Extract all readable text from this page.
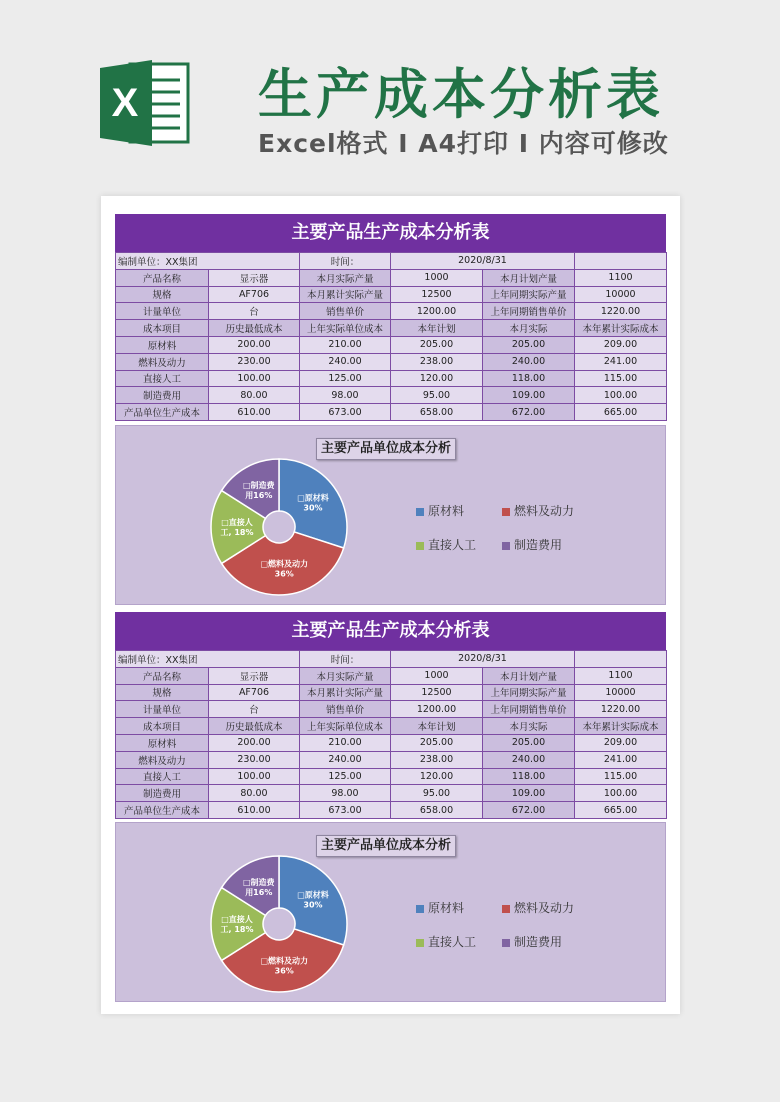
X 生产成本分析表
Excel格式 I A4打印 I 内容可修改
主要产品生产成本分析表
编制单位：XX集团		时间：	2020/8/31		
产品名称	显示器	本月实际产量	1000	本月计划产量	1100
规格	AF706	本月累计实际产量	12500	上年同期实际产量	10000
计量单位	台	销售单价	1200.00	上年同期销售单价	1220.00
成本项目	历史最低成本	上年实际单位成本	本年计划	本月实际	本年累计实际成本
原材料	200.00	210.00	205.00	205.00	209.00
燃料及动力	230.00	240.00	238.00	240.00	241.00
直接人工	100.00	125.00	120.00	118.00	115.00
制造费用	80.00	98.00	95.00	109.00	100.00
产品单位生产成本	610.00	673.00	658.00	672.00	665.00
主要产品单位成本分析
□原材料 30%
□燃料及动力 36%
□直接人工, 18%
□制造费用16%
原材料	燃料及动力
直接人工	制造费用
主要产品生产成本分析表
编制单位：XX集团		时间：	2020/8/31		
产品名称	显示器	本月实际产量	1000	本月计划产量	1100
规格	AF706	本月累计实际产量	12500	上年同期实际产量	10000
计量单位	台	销售单价	1200.00	上年同期销售单价	1220.00
成本项目	历史最低成本	上年实际单位成本	本年计划	本月实际	本年累计实际成本
原材料	200.00	210.00	205.00	205.00	209.00
燃料及动力	230.00	240.00	238.00	240.00	241.00
直接人工	100.00	125.00	120.00	118.00	115.00
制造费用	80.00	98.00	95.00	109.00	100.00
产品单位生产成本	610.00	673.00	658.00	672.00	665.00
主要产品单位成本分析
□原材料 30%
□燃料及动力 36%
□直接人工, 18%
□制造费用16%
原材料	燃料及动力
直接人工	制造费用
